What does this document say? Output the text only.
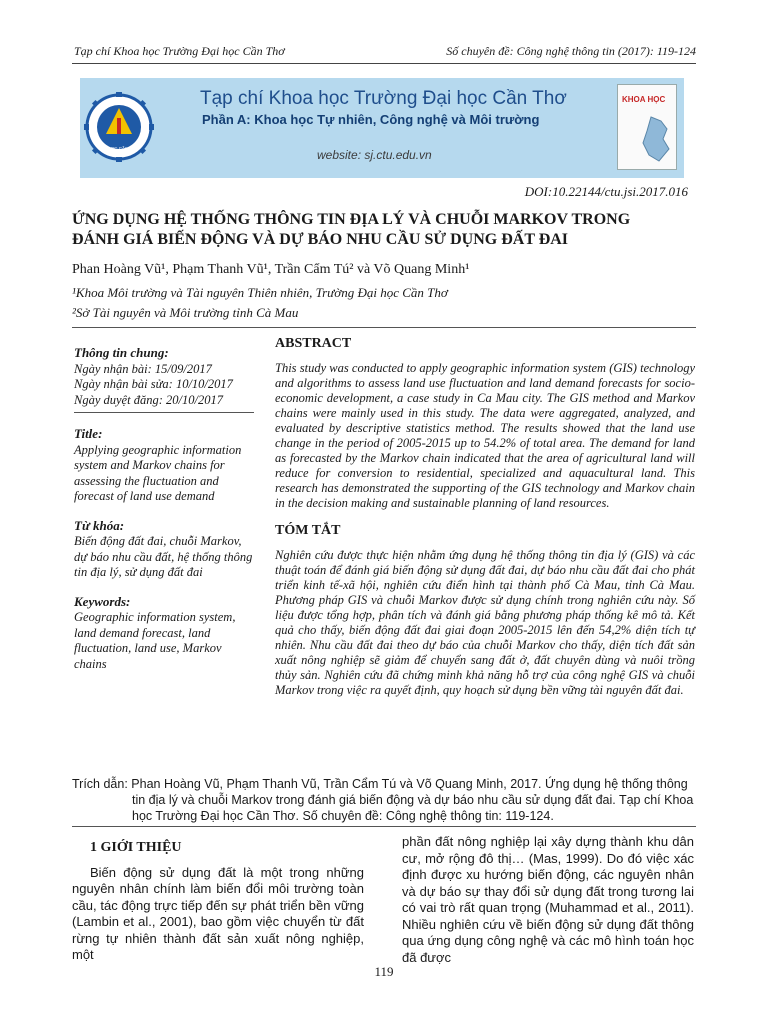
Tạp chí Khoa học Trường Đại học Cần Thơ	Số chuyên đề: Công nghệ thông tin (2017): 119-124
ĐẠI HỌC CẦN THƠ
Tạp chí Khoa học Trường Đại học Cần Thơ
Phần A: Khoa học Tự nhiên, Công nghệ và Môi trường
website: sj.ctu.edu.vn
KHOA HỌC
DOI:10.22144/ctu.jsi.2017.016
ỨNG DỤNG HỆ THỐNG THÔNG TIN ĐỊA LÝ VÀ CHUỖI MARKOV TRONG
ĐÁNH GIÁ BIẾN ĐỘNG VÀ DỰ BÁO NHU CẦU SỬ DỤNG ĐẤT ĐAI
Phan Hoàng Vũ¹, Phạm Thanh Vũ¹, Trần Cẩm Tú² và Võ Quang Minh¹
¹Khoa Môi trường và Tài nguyên Thiên nhiên, Trường Đại học Cần Thơ
²Sở Tài nguyên và Môi trường tỉnh Cà Mau
Thông tin chung:
Ngày nhận bài: 15/09/2017
Ngày nhận bài sửa: 10/10/2017
Ngày duyệt đăng: 20/10/2017
Title:
Applying geographic information system and Markov chains for assessing the fluctuation and forecast of land use demand
Từ khóa:
Biến động đất đai, chuỗi Markov, dự báo nhu cầu đất, hệ thống thông tin địa lý, sử dụng đất đai
Keywords:
Geographic information system, land demand forecast, land fluctuation, land use, Markov chains
ABSTRACT

This study was conducted to apply geographic information system (GIS) technology and algorithms to assess land use fluctuation and land demand forecasts for socio-economic development, a case study in Ca Mau city. The GIS method and Markov chains were mainly used in this study. The data were aggregated, analyzed, and evaluated by descriptive statistics method. The results showed that the land use change in the period of 2005-2015 up to 54.2% of total area. The demand for land as forecasted by the Markov chain indicated that the area of agricultural land will reduce for conversion to residential, specialized and aquacultural land. This research has demonstrated the supporting of the GIS technology and Markov chain in the decision making and sustainable planning of land resources.

TÓM TẮT

Nghiên cứu được thực hiện nhằm ứng dụng hệ thống thông tin địa lý (GIS) và các thuật toán để đánh giá biến động sử dụng đất đai, dự báo nhu cầu đất đai cho phát triển kinh tế-xã hội, nghiên cứu điển hình tại thành phố Cà Mau, tỉnh Cà Mau. Phương pháp GIS và chuỗi Markov được sử dụng chính trong nghiên cứu này. Số liệu được tổng hợp, phân tích và đánh giá bằng phương pháp thống kê mô tả. Kết quả cho thấy, biến động đất đai giai đoạn 2005-2015 lên đến 54,2% diện tích tự nhiên. Nhu cầu đất đai theo dự báo của chuỗi Markov cho thấy, diện tích đất sản xuất nông nghiệp sẽ giảm để chuyển sang đất ở, đất chuyên dùng và nuôi trồng thủy sản. Nghiên cứu đã chứng minh khả năng hỗ trợ của công nghệ GIS và chuỗi Markov trong việc ra quyết định, quy hoạch sử dụng bền vững tài nguyên đất đai.

Trích dẫn: Phan Hoàng Vũ, Phạm Thanh Vũ, Trần Cẩm Tú và Võ Quang Minh, 2017. Ứng dụng hệ thống thông tin địa lý và chuỗi Markov trong đánh giá biến động và dự báo nhu cầu sử dụng đất đai. Tạp chí Khoa học Trường Đại học Cần Thơ. Số chuyên đề: Công nghệ thông tin: 119-124.
1 GIỚI THIỆU

Biến động sử dụng đất là một trong những nguyên nhân chính làm biến đổi môi trường toàn cầu, tác động trực tiếp đến sự phát triển bền vững (Lambin et al., 2001), bao gồm việc chuyển từ đất rừng tự nhiên thành đất sản xuất nông nghiệp, một

phần đất nông nghiệp lại xây dựng thành khu dân cư, mở rộng đô thị… (Mas, 1999). Do đó việc xác định được xu hướng biến động, các nguyên nhân và dự báo sự thay đổi sử dụng đất trong tương lai có vai trò rất quan trọng (Muhammad et al., 2011). Nhiều nghiên cứu về biến động sử dụng đất thông qua ứng dụng công nghệ và các mô hình toán học đã được

119
